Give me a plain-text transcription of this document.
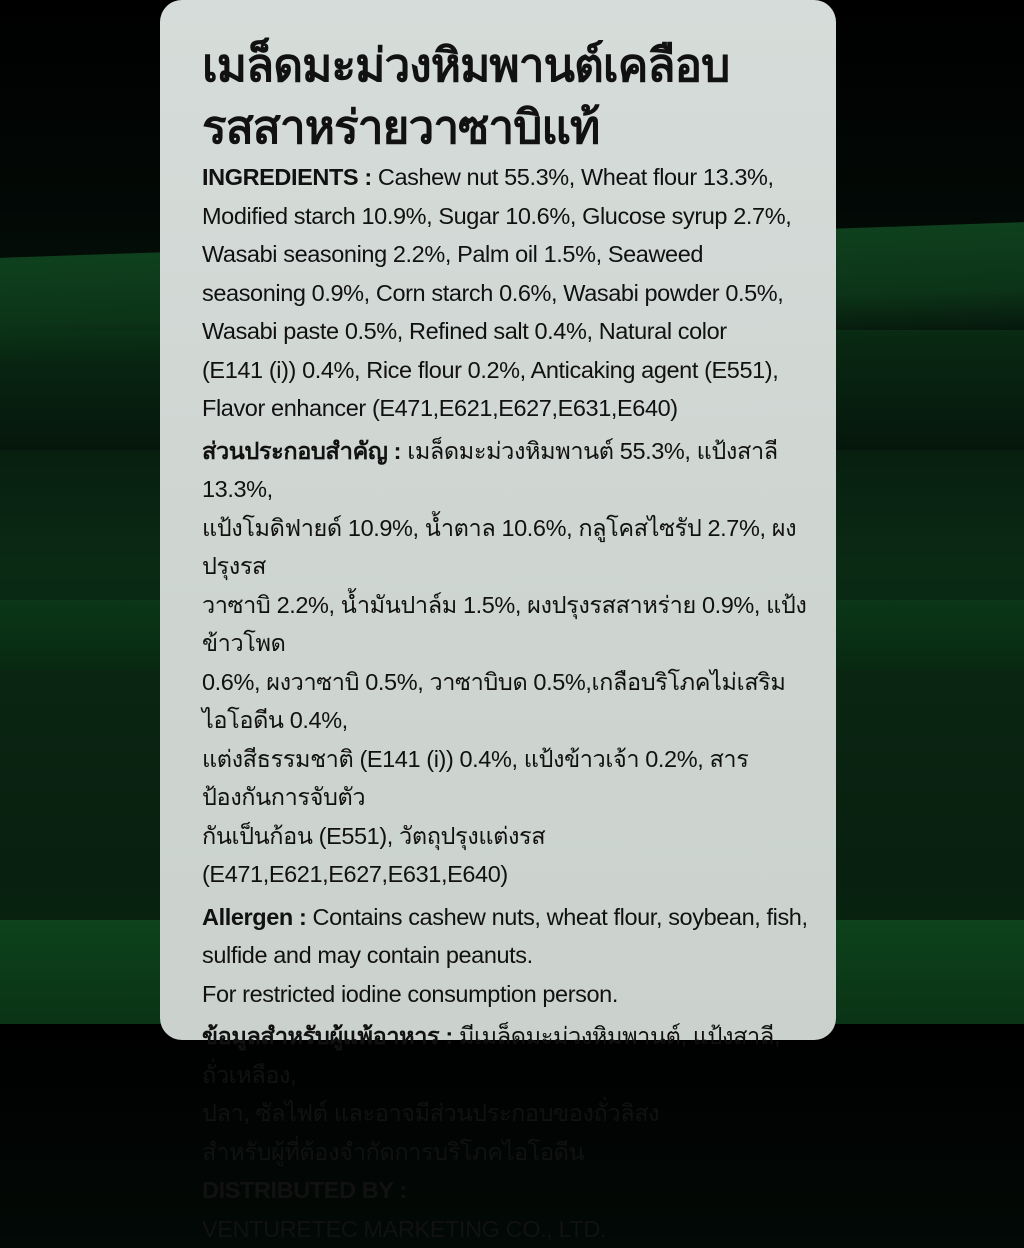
เมล็ดมะม่วงหิมพานต์เคลือบ
รสสาหร่ายวาซาบิแท้
INGREDIENTS : Cashew nut 55.3%, Wheat flour 13.3%,
Modified starch 10.9%, Sugar 10.6%, Glucose syrup 2.7%,
Wasabi seasoning 2.2%, Palm oil 1.5%, Seaweed
seasoning 0.9%, Corn starch 0.6%, Wasabi powder 0.5%,
Wasabi paste 0.5%, Refined salt 0.4%, Natural color
(E141 (i)) 0.4%, Rice flour 0.2%, Anticaking agent (E551),
Flavor enhancer (E471,E621,E627,E631,E640)
ส่วนประกอบสำคัญ : เมล็ดมะม่วงหิมพานต์ 55.3%, แป้งสาลี 13.3%,
แป้งโมดิฟายด์ 10.9%, น้ำตาล 10.6%, กลูโคสไซรัป 2.7%, ผงปรุงรส
วาซาบิ 2.2%, น้ำมันปาล์ม 1.5%, ผงปรุงรสสาหร่าย 0.9%, แป้งข้าวโพด
0.6%, ผงวาซาบิ 0.5%, วาซาบิบด 0.5%,เกลือบริโภคไม่เสริมไอโอดีน 0.4%,
แต่งสีธรรมชาติ (E141 (i)) 0.4%, แป้งข้าวเจ้า 0.2%, สารป้องกันการจับตัว
กันเป็นก้อน (E551), วัตถุปรุงแต่งรส (E471,E621,E627,E631,E640)
Allergen : Contains cashew nuts, wheat flour, soybean, fish,
sulfide and may contain peanuts.
For restricted iodine consumption person.
ข้อมูลสำหรับผู้แพ้อาหาร : มีเมล็ดมะม่วงหิมพานต์, แป้งสาลี, ถั่วเหลือง,
ปลา, ซัลไฟต์ และอาจมีส่วนประกอบของถั่วลิสง
สำหรับผู้ที่ต้องจำกัดการบริโภคไอโอดีน
DISTRIBUTED BY :
VENTURETEC MARKETING CO., LTD.
